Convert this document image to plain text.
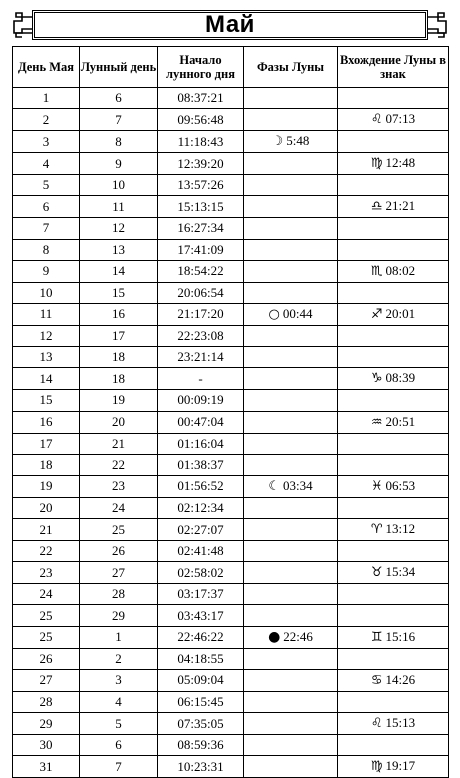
Май
День Мая	Лунный день	Начало лунного дня	Фазы Луны	Вхождение Луны в знак
1	6	08:37:21		
2	7	09:56:48		♌ 07:13
3	8	11:18:43	☽ 5:48	
4	9	12:39:20		♍ 12:48
5	10	13:57:26		
6	11	15:13:15		♎ 21:21
7	12	16:27:34		
8	13	17:41:09		
9	14	18:54:22		♏ 08:02
10	15	20:06:54		
11	16	21:17:20	○ 00:44	♐ 20:01
12	17	22:23:08		
13	18	23:21:14		
14	18	-		♑ 08:39
15	19	00:09:19		
16	20	00:47:04		♒ 20:51
17	21	01:16:04		
18	22	01:38:37		
19	23	01:56:52	☾ 03:34	♓ 06:53
20	24	02:12:34		
21	25	02:27:07		♈ 13:12
22	26	02:41:48		
23	27	02:58:02		♉ 15:34
24	28	03:17:37		
25	29	03:43:17		
25	1	22:46:22	● 22:46	♊ 15:16
26	2	04:18:55		
27	3	05:09:04		♋ 14:26
28	4	06:15:45		
29	5	07:35:05		♌ 15:13
30	6	08:59:36		
31	7	10:23:31		♍ 19:17
